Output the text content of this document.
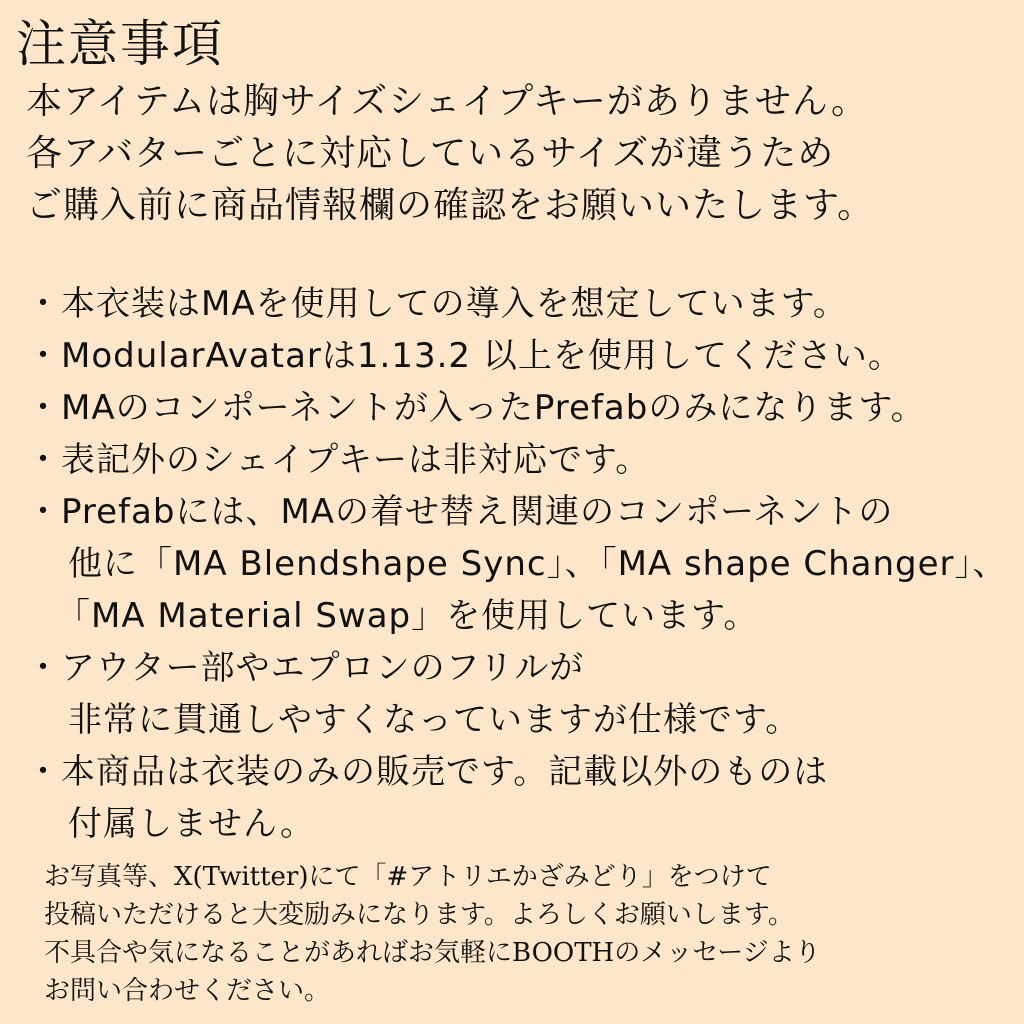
注意事項
本アイテムは胸サイズシェイプキーがありません。
各アバターごとに対応しているサイズが違うため
ご購入前に商品情報欄の確認をお願いいたします。
・本衣装はMAを使用しての導入を想定しています。
・ModularAvatarは1.13.2 以上を使用してください。
・MAのコンポーネントが入ったPrefabのみになります。
・表記外のシェイプキーは非対応です。
・Prefabには、MAの着せ替え関連のコンポーネントの
他に「MA Blendshape Sync」、「MA shape Changer」、
「MA Material Swap」を使用しています。
・アウター部やエプロンのフリルが
非常に貫通しやすくなっていますが仕様です。
・本商品は衣装のみの販売です。記載以外のものは
付属しません。
お写真等、X(Twitter)にて「#アトリエかざみどり」をつけて
投稿いただけると大変励みになります。よろしくお願いします。
不具合や気になることがあればお気軽にBOOTHのメッセージより
お問い合わせください。
